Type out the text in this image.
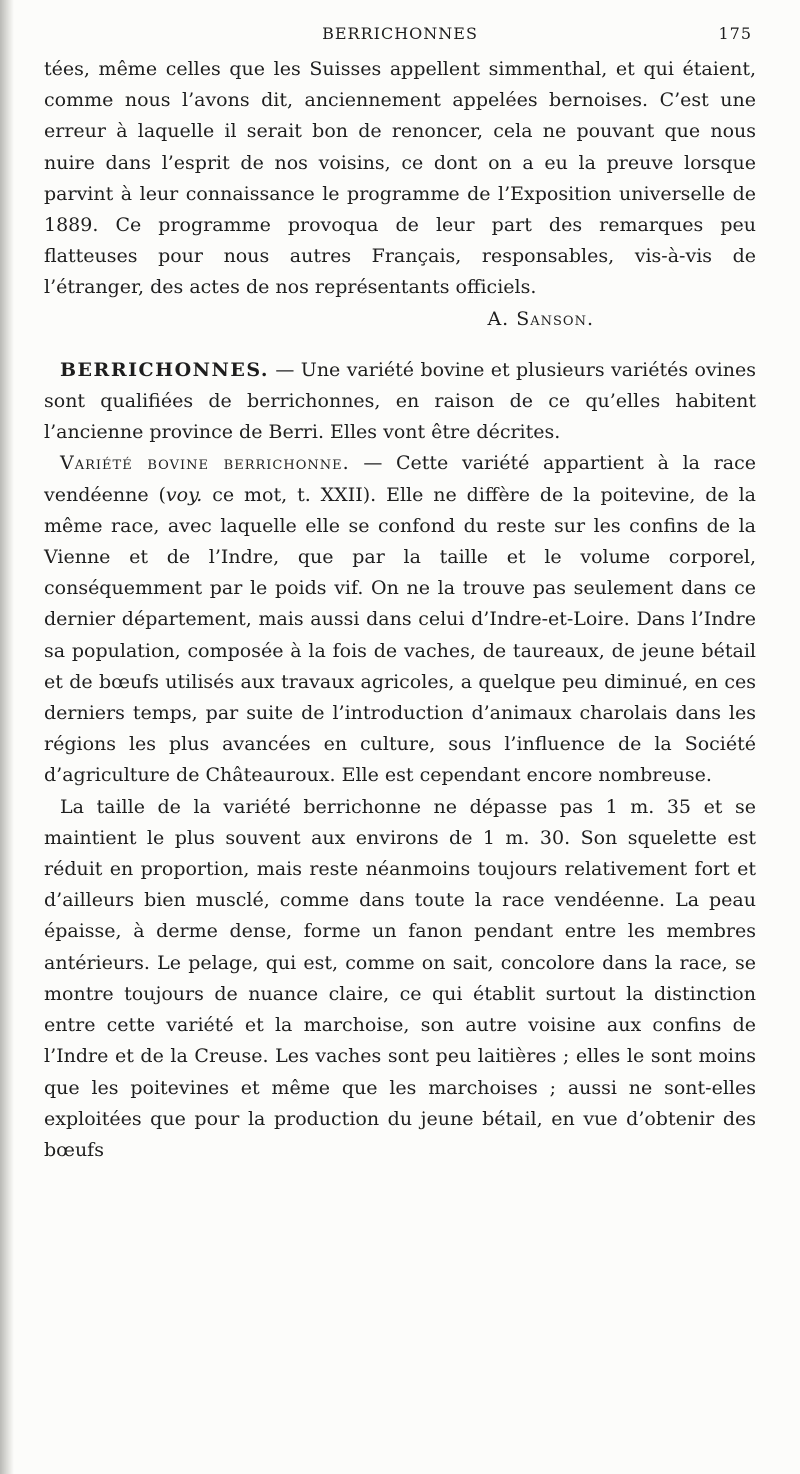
BERRICHONNES	175

tées, même celles que les Suisses appellent simmenthal, et qui étaient, comme nous l’avons dit, anciennement appelées bernoises. C’est une erreur à laquelle il serait bon de renoncer, cela ne pouvant que nous nuire dans l’esprit de nos voisins, ce dont on a eu la preuve lorsque parvint à leur connaissance le programme de l’Exposition universelle de 1889. Ce programme provoqua de leur part des remarques peu flatteuses pour nous autres Français, responsables, vis-à-vis de l’étranger, des actes de nos représentants officiels.

A. Sanson.

BERRICHONNES. — Une variété bovine et plusieurs variétés ovines sont qualifiées de berrichonnes, en raison de ce qu’elles habitent l’ancienne province de Berri. Elles vont être décrites.

Variété bovine berrichonne. — Cette variété appartient à la race vendéenne (voy. ce mot, t. XXII). Elle ne diffère de la poitevine, de la même race, avec laquelle elle se confond du reste sur les confins de la Vienne et de l’Indre, que par la taille et le volume corporel, conséquemment par le poids vif. On ne la trouve pas seulement dans ce dernier département, mais aussi dans celui d’Indre-et-Loire. Dans l’Indre sa population, composée à la fois de vaches, de taureaux, de jeune bétail et de bœufs utilisés aux travaux agricoles, a quelque peu diminué, en ces derniers temps, par suite de l’introduction d’animaux charolais dans les régions les plus avancées en culture, sous l’influence de la Société d’agriculture de Châteauroux. Elle est cependant encore nombreuse.

La taille de la variété berrichonne ne dépasse pas 1 m. 35 et se maintient le plus souvent aux environs de 1 m. 30. Son squelette est réduit en proportion, mais reste néanmoins toujours relativement fort et d’ailleurs bien musclé, comme dans toute la race vendéenne. La peau épaisse, à derme dense, forme un fanon pendant entre les membres antérieurs. Le pelage, qui est, comme on sait, concolore dans la race, se montre toujours de nuance claire, ce qui établit surtout la distinction entre cette variété et la marchoise, son autre voisine aux confins de l’Indre et de la Creuse. Les vaches sont peu laitières ; elles le sont moins que les poitevines et même que les marchoises ; aussi ne sont-elles exploitées que pour la production du jeune bétail, en vue d’obtenir des bœufs
